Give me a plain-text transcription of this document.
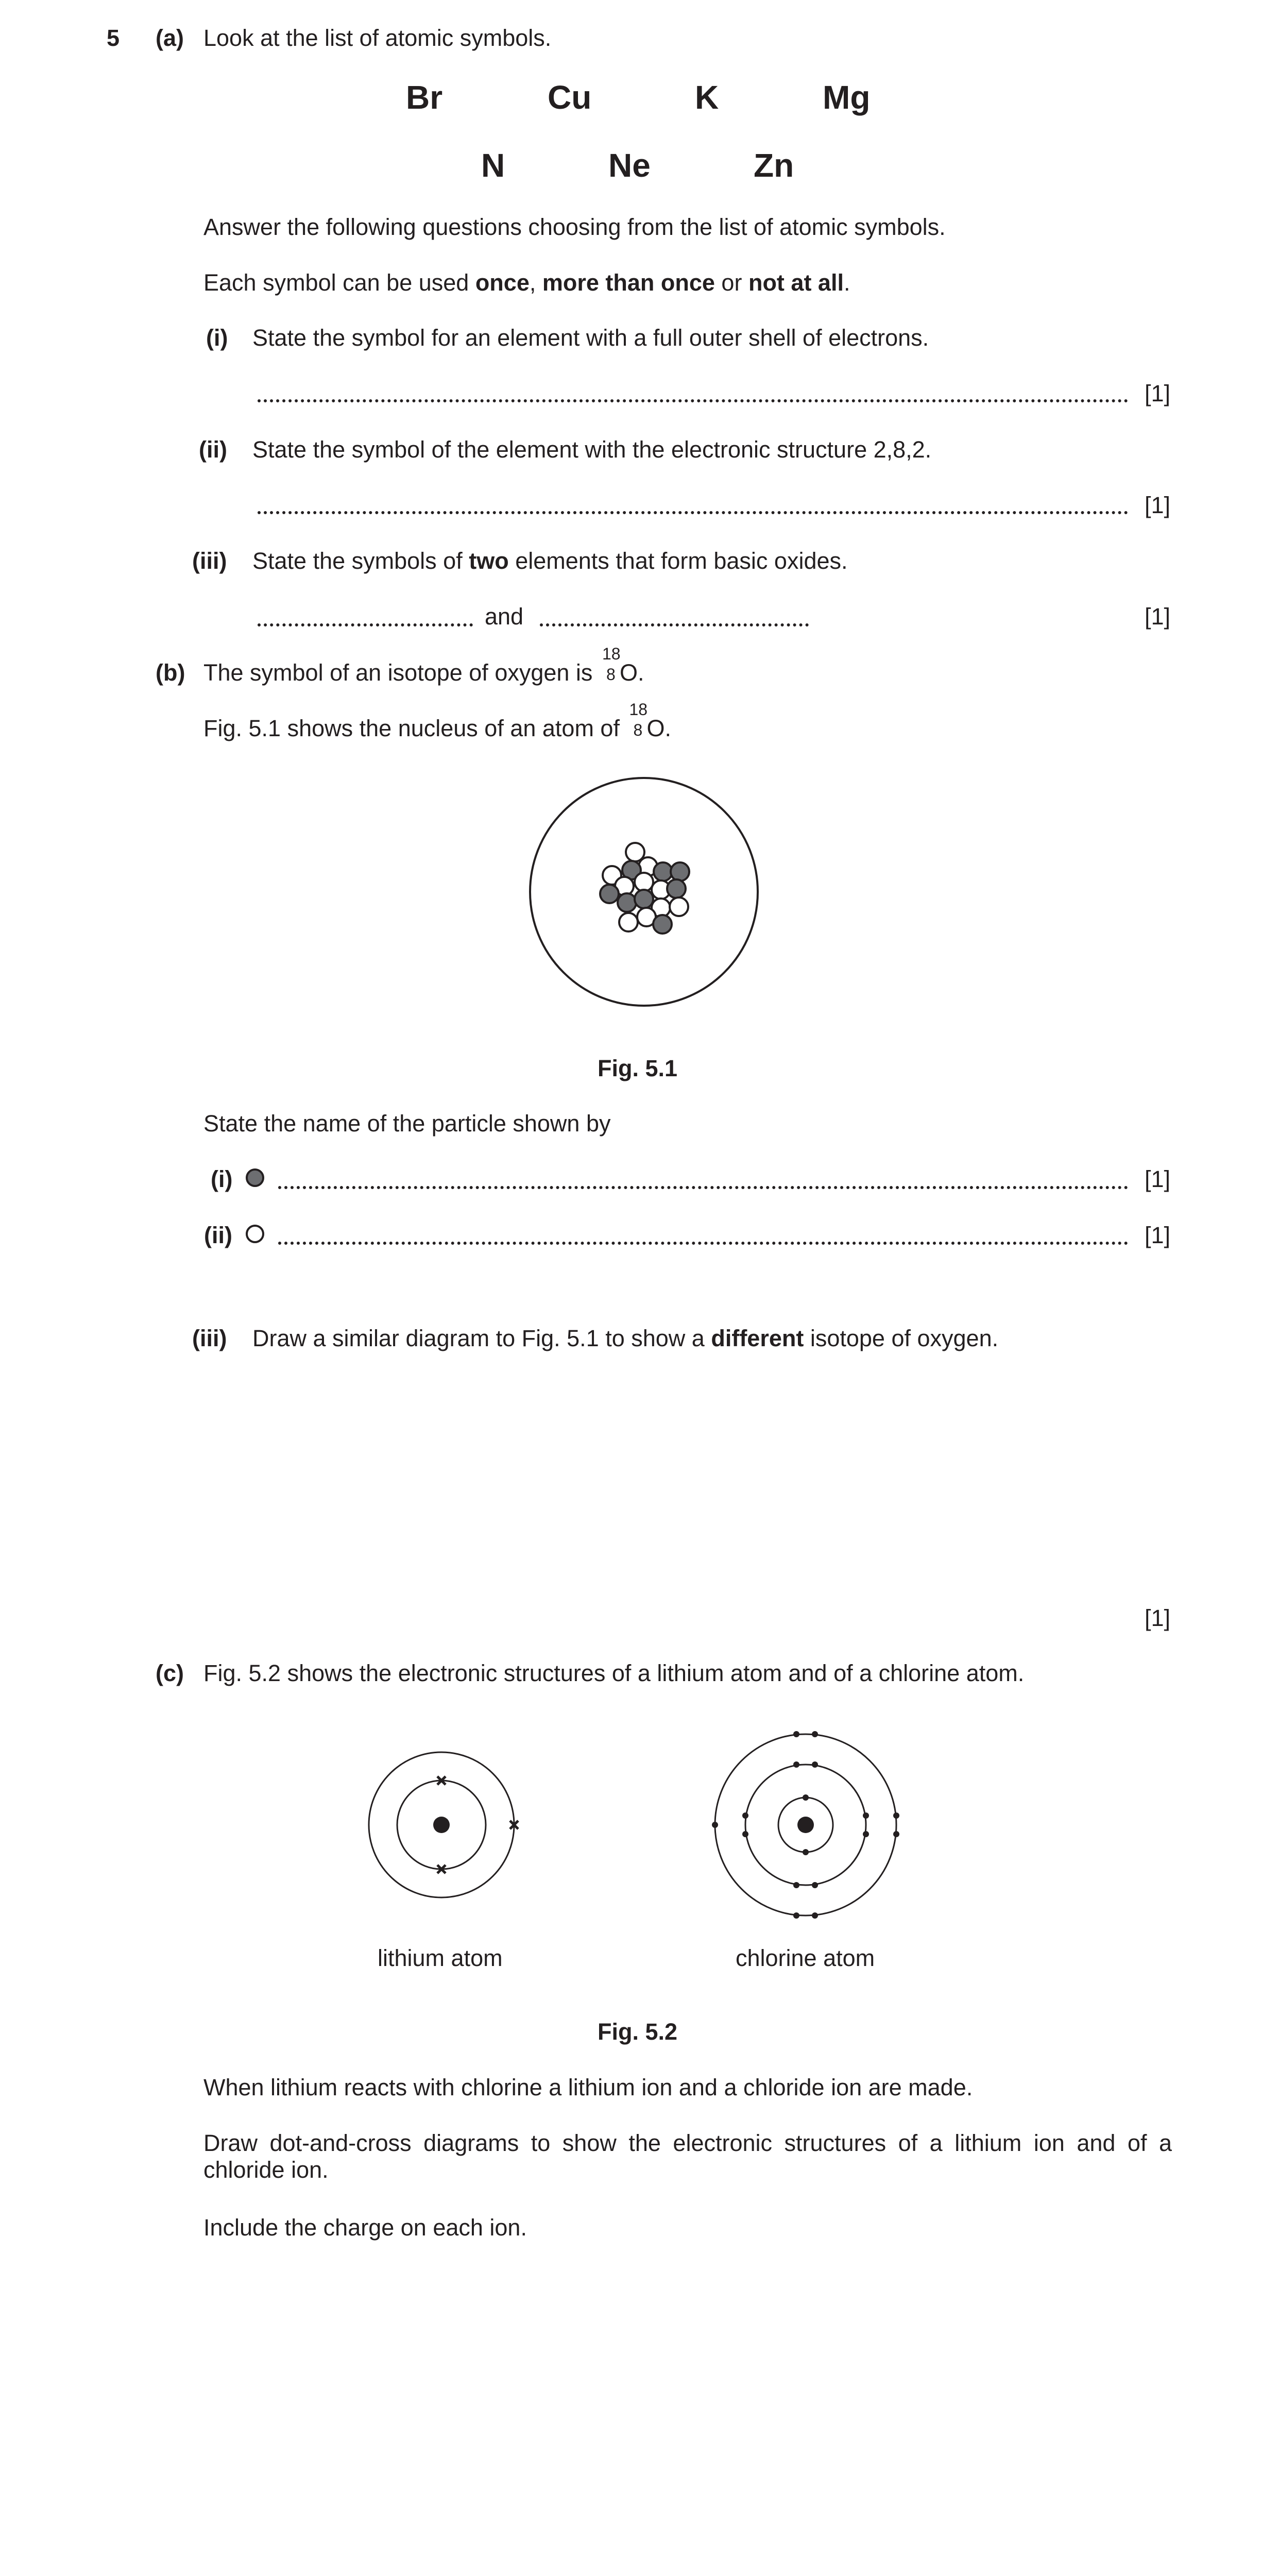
5 (a) Look at the list of atomic symbols.
Br	Cu	K	Mg
N	Ne	Zn
Answer the following questions choosing from the list of atomic symbols.
Each symbol can be used once, more than once or not at all.
(i) State the symbol for an element with a full outer shell of electrons.
[1]
(ii) State the symbol of the element with the electronic structure 2,8,2.
[1]
(iii) State the symbols of two elements that form basic oxides.
and	[1]
(b) The symbol of an isotope of oxygen is
18
8 O.
Fig. 5.1 shows the nucleus of an atom of
18
8 O.
Fig. 5.1
State the name of the particle shown by
(i)	[1]
(ii)	[1]
(iii) Draw a similar diagram to Fig. 5.1 to show a different isotope of oxygen.
[1]
(c) Fig. 5.2 shows the electronic structures of a lithium atom and of a chlorine atom.
lithium atom	chlorine atom
Fig. 5.2
When lithium reacts with chlorine a lithium ion and a chloride ion are made.
Draw dot-and-cross diagrams to show the electronic structures of a lithium ion and of a chloride ion.
Include the charge on each ion.
